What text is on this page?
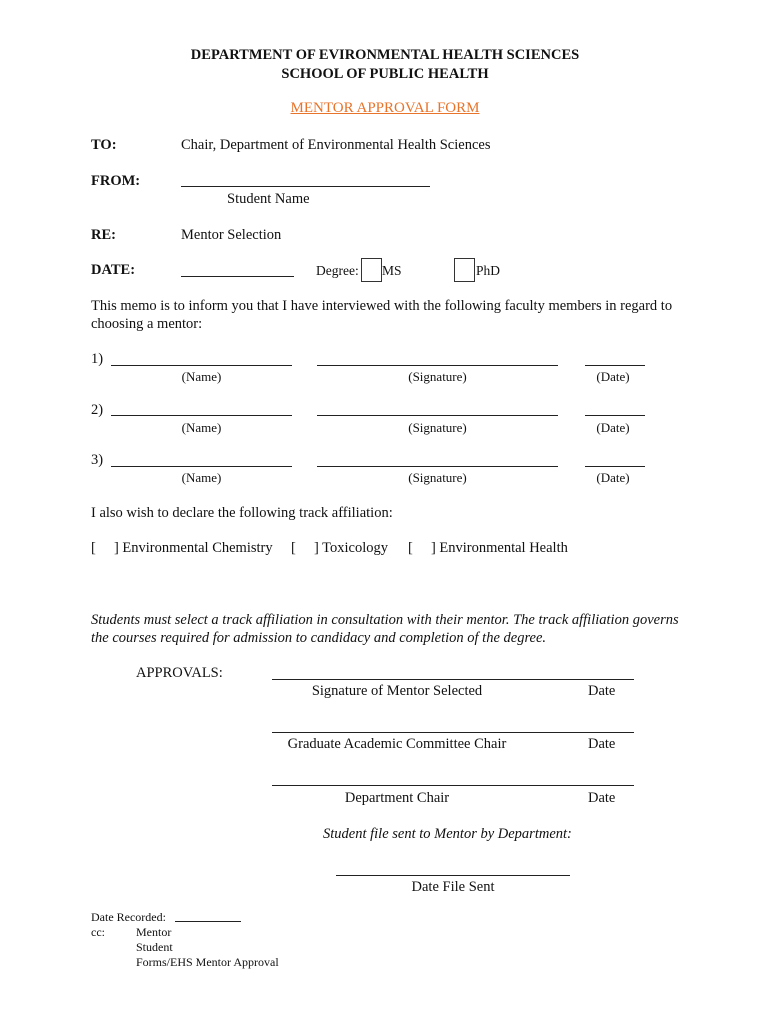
DEPARTMENT OF EVIRONMENTAL HEALTH SCIENCES
SCHOOL OF PUBLIC HEALTH
MENTOR APPROVAL FORM
TO:	Chair, Department of Environmental Health Sciences
FROM:
Student Name
RE:	Mentor Selection
DATE:	Degree: MS	PhD
This memo is to inform you that I have interviewed with the following faculty members in regard to
choosing a mentor:
1)
(Name)	(Signature)	(Date)
2)
(Name)	(Signature)	(Date)
3)
(Name)	(Signature)	(Date)
I also wish to declare the following track affiliation:
[     ] Environmental Chemistry [     ] Toxicology [     ] Environmental Health
Students must select a track affiliation in consultation with their mentor. The track affiliation governs
the courses required for admission to candidacy and completion of the degree.
APPROVALS:
Signature of Mentor Selected	Date
Graduate Academic Committee Chair	Date
Department Chair	Date
Student file sent to Mentor by Department:
Date File Sent
Date Recorded:
cc:	Mentor
Student
Forms/EHS Mentor Approval
